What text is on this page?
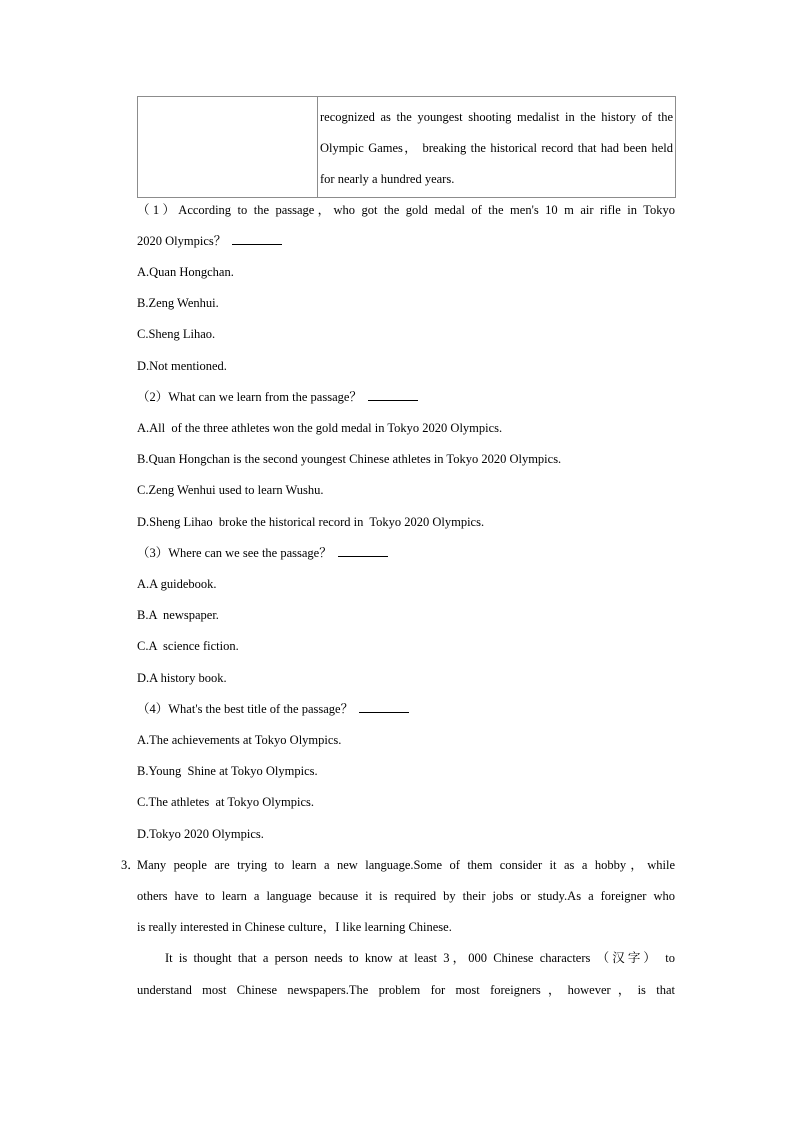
	recognized as the youngest shooting medalist in the history of the Olympic Games， breaking the historical record that had been held for nearly a hundred years.
（1）According to the passage，who got the gold medal of the men's 10 m air rifle in Tokyo
2020 Olympics？
A.Quan Hongchan.
B.Zeng Wenhui.
C.Sheng Lihao.
D.Not mentioned.
（2）What can we learn from the passage？
A.All  of the three athletes won the gold medal in Tokyo 2020 Olympics.
B.Quan Hongchan is the second youngest Chinese athletes in Tokyo 2020 Olympics.
C.Zeng Wenhui used to learn Wushu.
D.Sheng Lihao  broke the historical record in  Tokyo 2020 Olympics.
（3）Where can we see the passage？
A.A guidebook.
B.A  newspaper.
C.A  science fiction.
D.A history book.
（4）What's the best title of the passage？
A.The achievements at Tokyo Olympics.
B.Young  Shine at Tokyo Olympics.
C.The athletes  at Tokyo Olympics.
D.Tokyo 2020 Olympics.
3．
Many people are trying to learn a new language.Some of them consider it as a hobby，while
others have to learn a language because it is required by their jobs or study.As a foreigner who
is really interested in Chinese culture，I like learning Chinese.
It is thought that a person needs to know at least 3，000 Chinese characters （汉字） to
understand most Chinese newspapers.The problem for most foreigners，however，is that
